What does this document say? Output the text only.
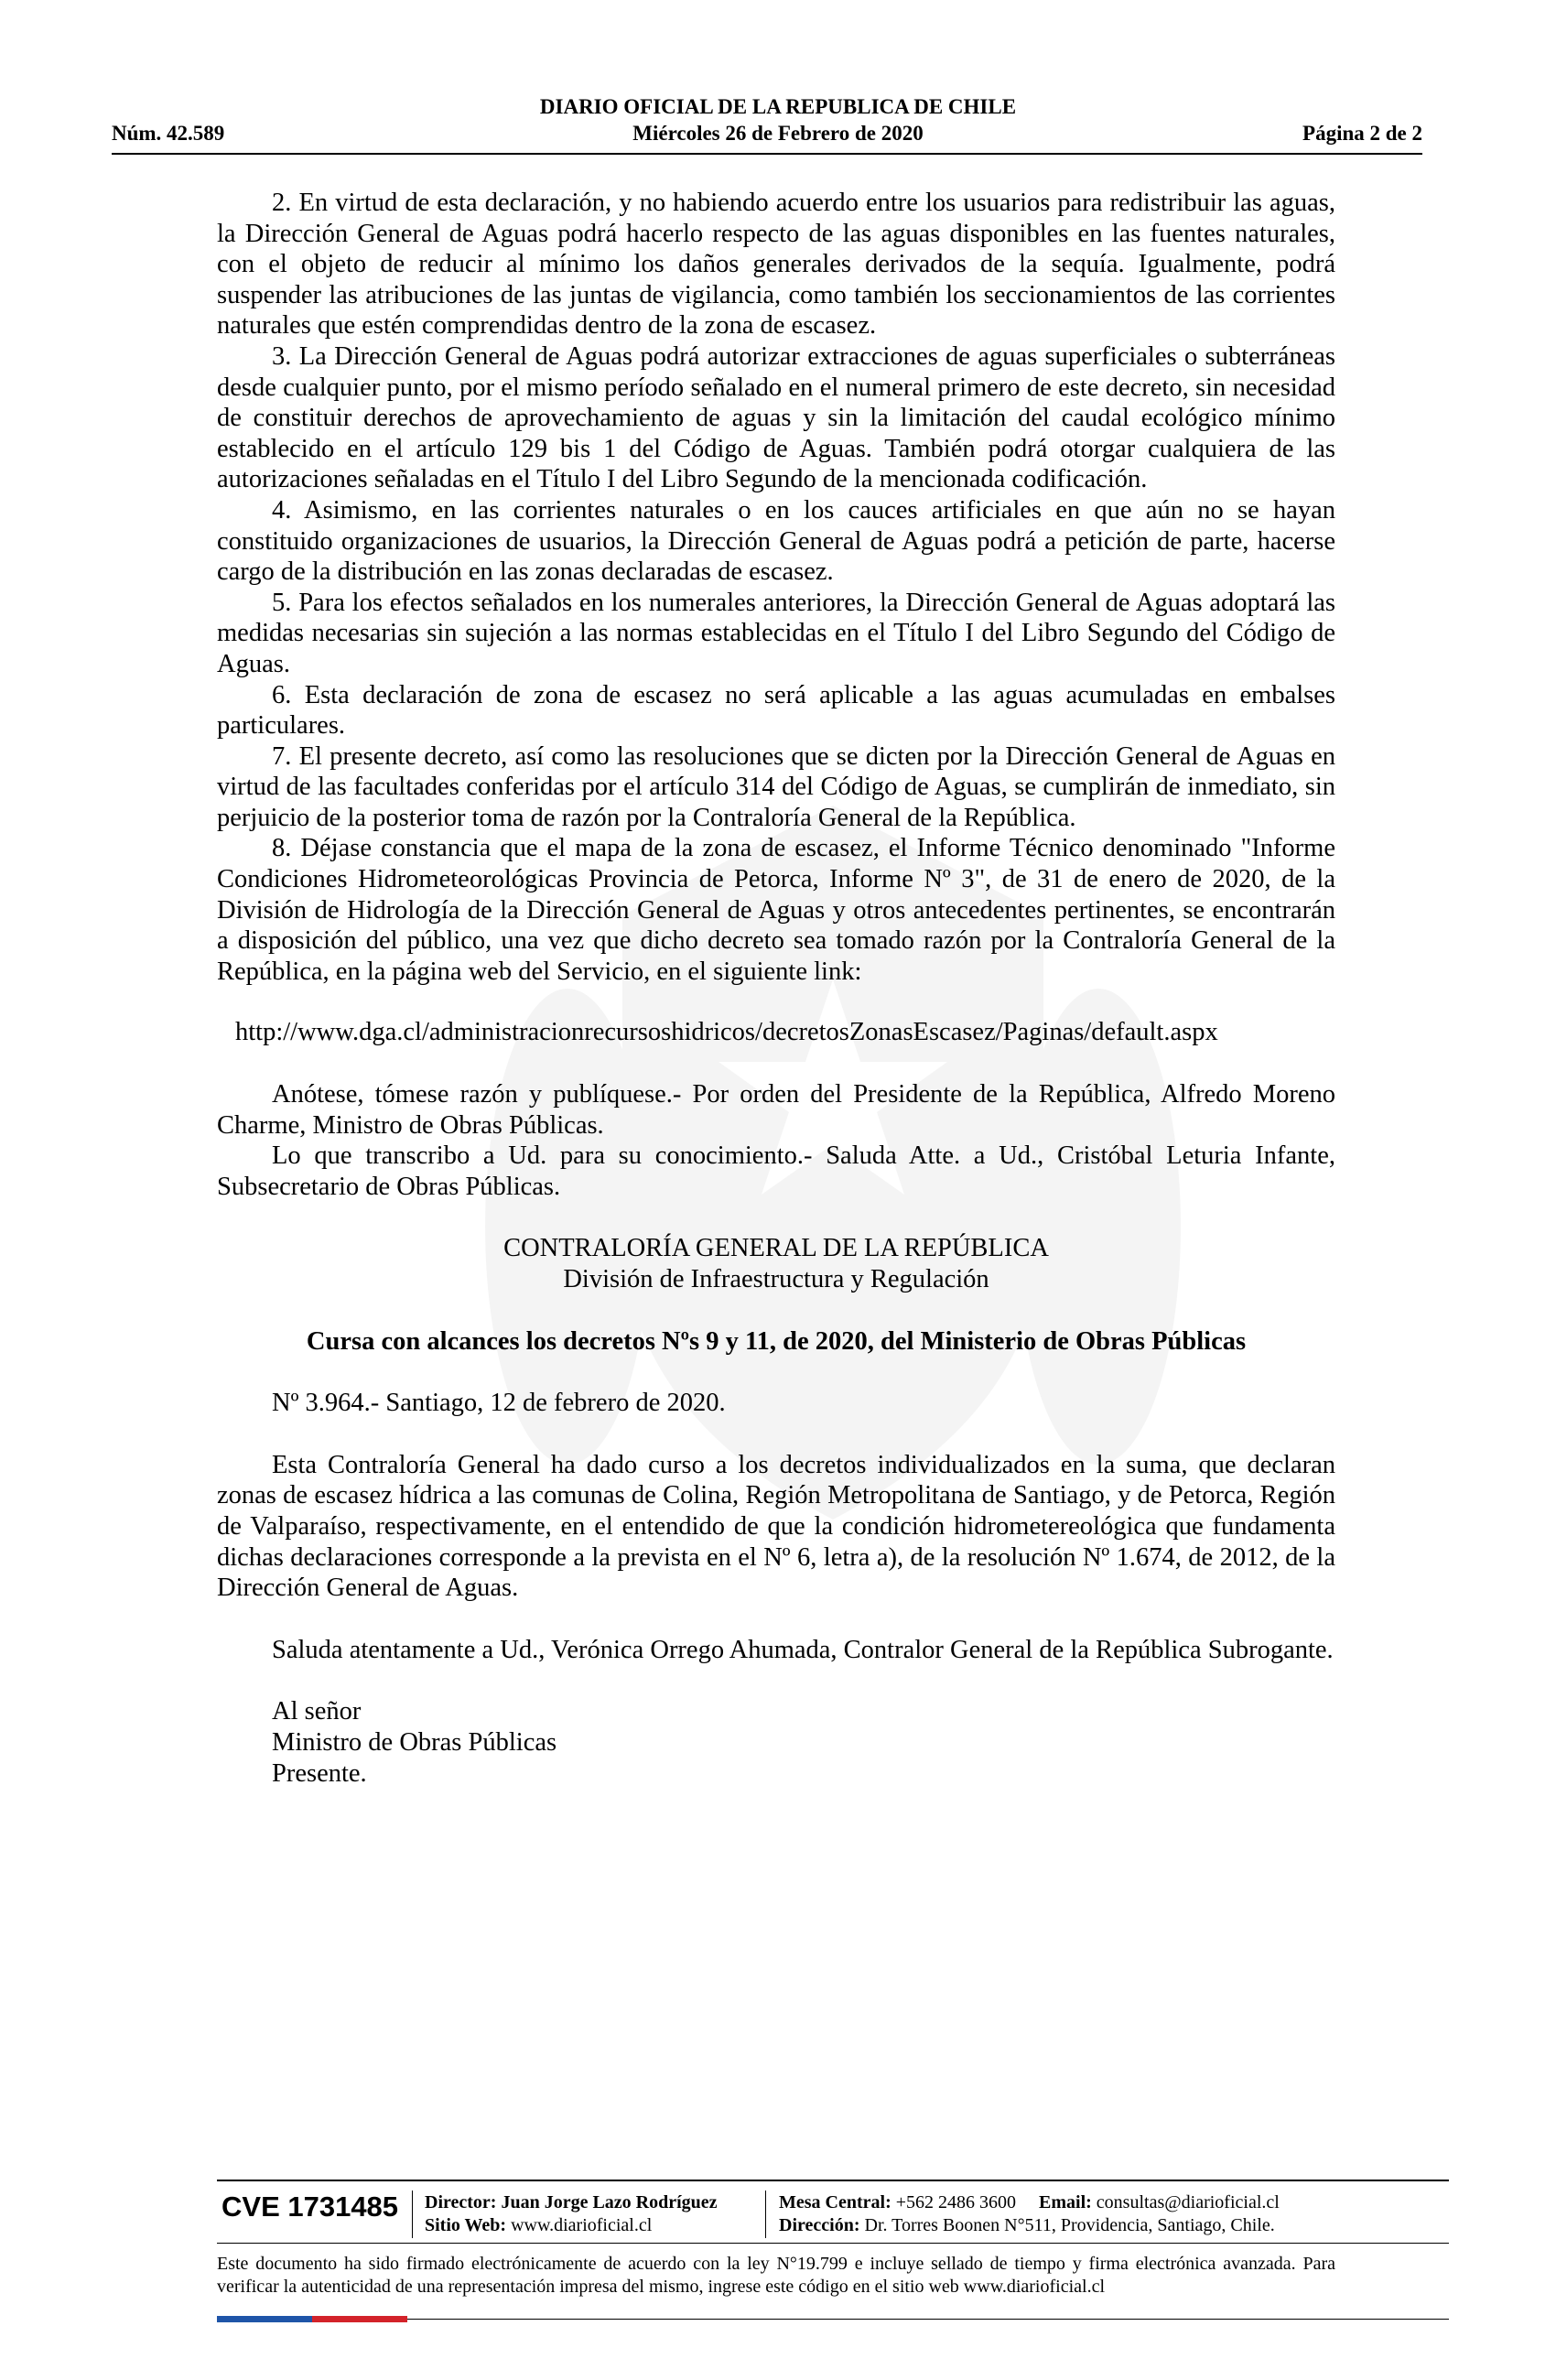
DIARIO OFICIAL DE LA REPUBLICA DE CHILE
Núm. 42.589	Miércoles 26 de Febrero de 2020	Página 2 de 2

2. En virtud de esta declaración, y no habiendo acuerdo entre los usuarios para redistribuir las aguas, la Dirección General de Aguas podrá hacerlo respecto de las aguas disponibles en las fuentes naturales, con el objeto de reducir al mínimo los daños generales derivados de la sequía. Igualmente, podrá suspender las atribuciones de las juntas de vigilancia, como también los seccionamientos de las corrientes naturales que estén comprendidas dentro de la zona de escasez.

3. La Dirección General de Aguas podrá autorizar extracciones de aguas superficiales o subterráneas desde cualquier punto, por el mismo período señalado en el numeral primero de este decreto, sin necesidad de constituir derechos de aprovechamiento de aguas y sin la limitación del caudal ecológico mínimo establecido en el artículo 129 bis 1 del Código de Aguas. También podrá otorgar cualquiera de las autorizaciones señaladas en el Título I del Libro Segundo de la mencionada codificación.

4. Asimismo, en las corrientes naturales o en los cauces artificiales en que aún no se hayan constituido organizaciones de usuarios, la Dirección General de Aguas podrá a petición de parte, hacerse cargo de la distribución en las zonas declaradas de escasez.

5. Para los efectos señalados en los numerales anteriores, la Dirección General de Aguas adoptará las medidas necesarias sin sujeción a las normas establecidas en el Título I del Libro Segundo del Código de Aguas.

6. Esta declaración de zona de escasez no será aplicable a las aguas acumuladas en embalses particulares.

7. El presente decreto, así como las resoluciones que se dicten por la Dirección General de Aguas en virtud de las facultades conferidas por el artículo 314 del Código de Aguas, se cumplirán de inmediato, sin perjuicio de la posterior toma de razón por la Contraloría General de la República.

8. Déjase constancia que el mapa de la zona de escasez, el Informe Técnico denominado "Informe Condiciones Hidrometeorológicas Provincia de Petorca, Informe Nº 3", de 31 de enero de 2020, de la División de Hidrología de la Dirección General de Aguas y otros antecedentes pertinentes, se encontrarán a disposición del público, una vez que dicho decreto sea tomado razón por la Contraloría General de la República, en la página web del Servicio, en el siguiente link:

http://www.dga.cl/administracionrecursoshidricos/decretosZonasEscasez/Paginas/default.aspx

Anótese, tómese razón y publíquese.- Por orden del Presidente de la República, Alfredo Moreno Charme, Ministro de Obras Públicas.

Lo que transcribo a Ud. para su conocimiento.- Saluda Atte. a Ud., Cristóbal Leturia Infante, Subsecretario de Obras Públicas.

CONTRALORÍA GENERAL DE LA REPÚBLICA

División de Infraestructura y Regulación

Cursa con alcances los decretos Nºs 9 y 11, de 2020, del Ministerio de Obras Públicas

Nº 3.964.- Santiago, 12 de febrero de 2020.

Esta Contraloría General ha dado curso a los decretos individualizados en la suma, que declaran zonas de escasez hídrica a las comunas de Colina, Región Metropolitana de Santiago, y de Petorca, Región de Valparaíso, respectivamente, en el entendido de que la condición hidrometereológica que fundamenta dichas declaraciones corresponde a la prevista en el Nº 6, letra a), de la resolución Nº 1.674, de 2012, de la Dirección General de Aguas.

Saluda atentamente a Ud., Verónica Orrego Ahumada, Contralor General de la República Subrogante.

Al señor

Ministro de Obras Públicas

Presente.

CVE 1731485 Director: Juan Jorge Lazo Rodríguez
Sitio Web: www.diarioficial.cl
Mesa Central: +562 2486 3600 Email: consultas@diarioficial.cl
Dirección: Dr. Torres Boonen N°511, Providencia, Santiago, Chile.
Este documento ha sido firmado electrónicamente de acuerdo con la ley N°19.799 e incluye sellado de tiempo y firma electrónica avanzada. Para verificar la autenticidad de una representación impresa del mismo, ingrese este código en el sitio web www.diarioficial.cl
